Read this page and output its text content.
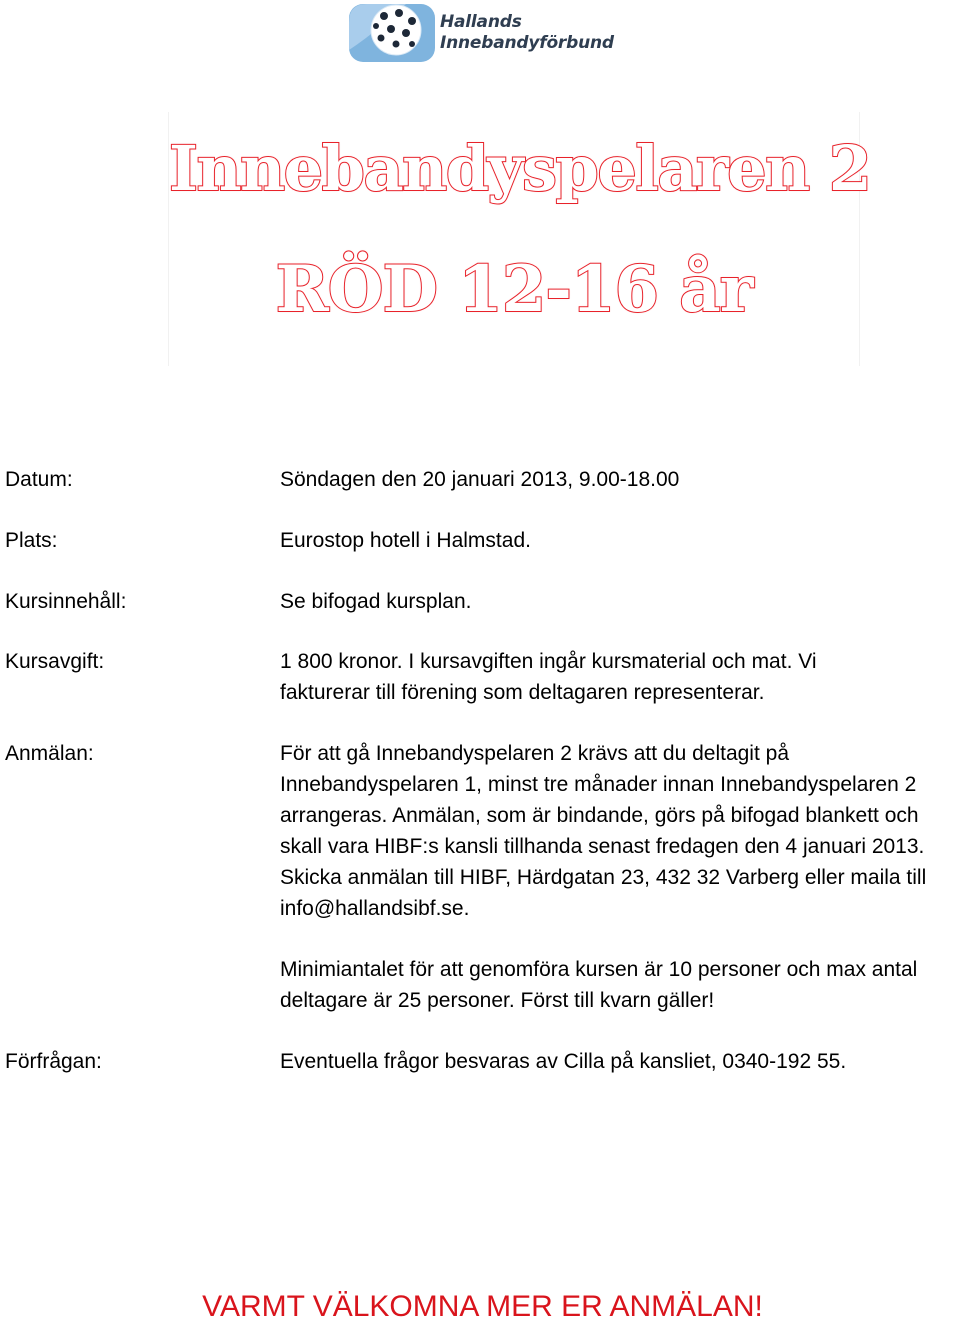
Hallands
Innebandyförbund
Innebandyspelaren 2
RÖD 12-16 år
Datum:	Söndagen den 20 januari 2013, 9.00-18.00
Plats:	Eurostop hotell i Halmstad.
Kursinnehåll:	Se bifogad kursplan.
Kursavgift:	1 800 kronor. I kursavgiften ingår kursmaterial och mat. Vi fakturerar till förening som deltagaren representerar.
Anmälan:	För att gå Innebandyspelaren 2 krävs att du deltagit på Innebandyspelaren 1, minst tre månader innan Innebandyspelaren 2 arrangeras. Anmälan, som är bindande, görs på bifogad blankett och skall vara HIBF:s kansli tillhanda senast fredagen den 4 januari 2013. Skicka anmälan till HIBF, Härdgatan 23, 432 32 Varberg eller maila till info@hallandsibf.se.
Minimiantalet för att genomföra kursen är 10 personer och max antal deltagare är 25 personer. Först till kvarn gäller!
Förfrågan:	Eventuella frågor besvaras av Cilla på kansliet, 0340-192 55.
VARMT VÄLKOMNA MER ER ANMÄLAN!
